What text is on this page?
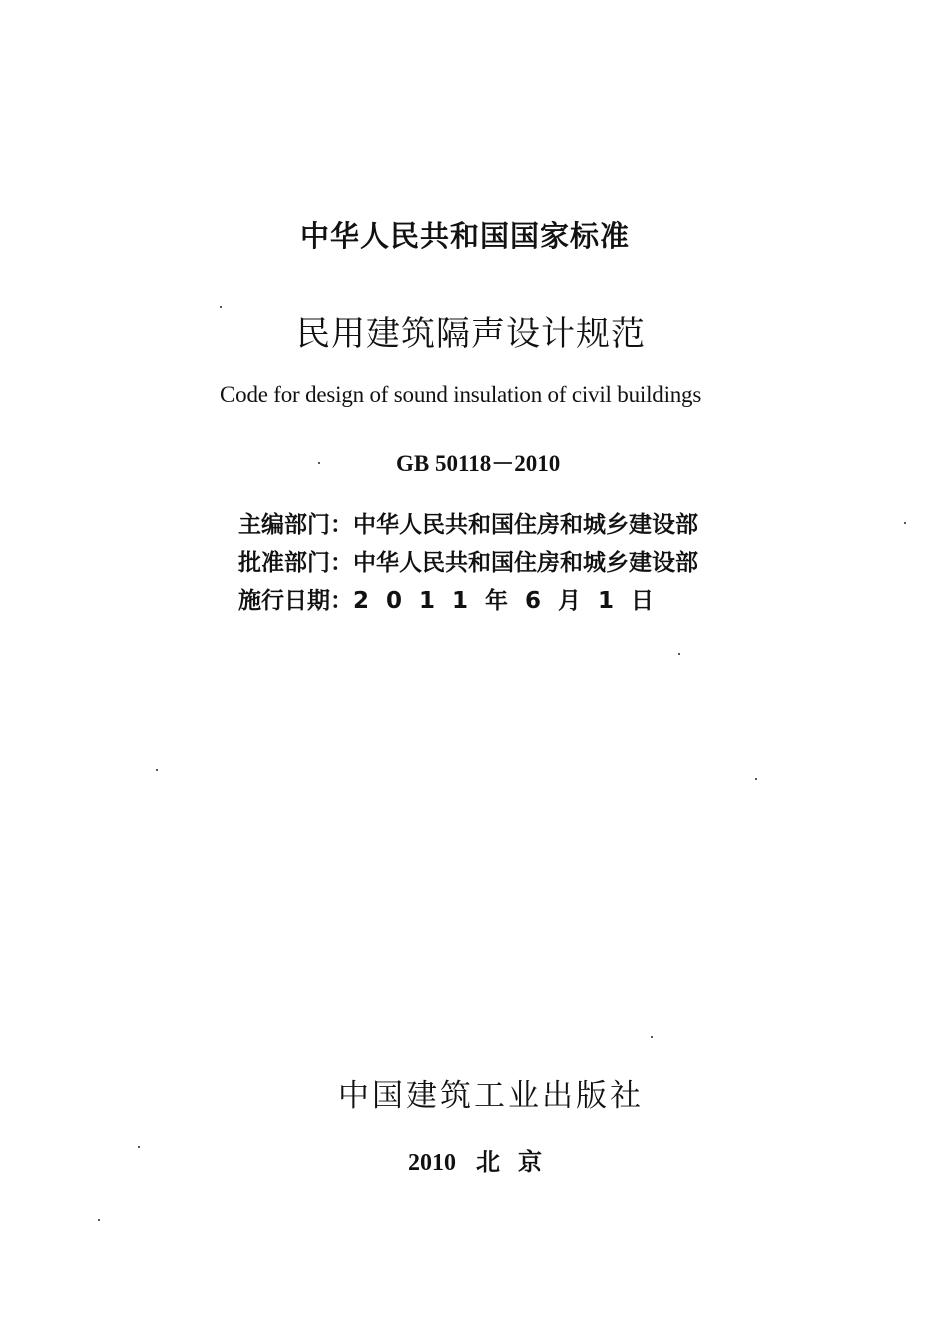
中华人民共和国国家标准
民用建筑隔声设计规范
Code for design of sound insulation of civil buildings
GB 50118－2010
主编部门：中华人民共和国住房和城乡建设部
批准部门：中华人民共和国住房和城乡建设部
施行日期：2011年6月1日
中国建筑工业出版社
2010 北京
